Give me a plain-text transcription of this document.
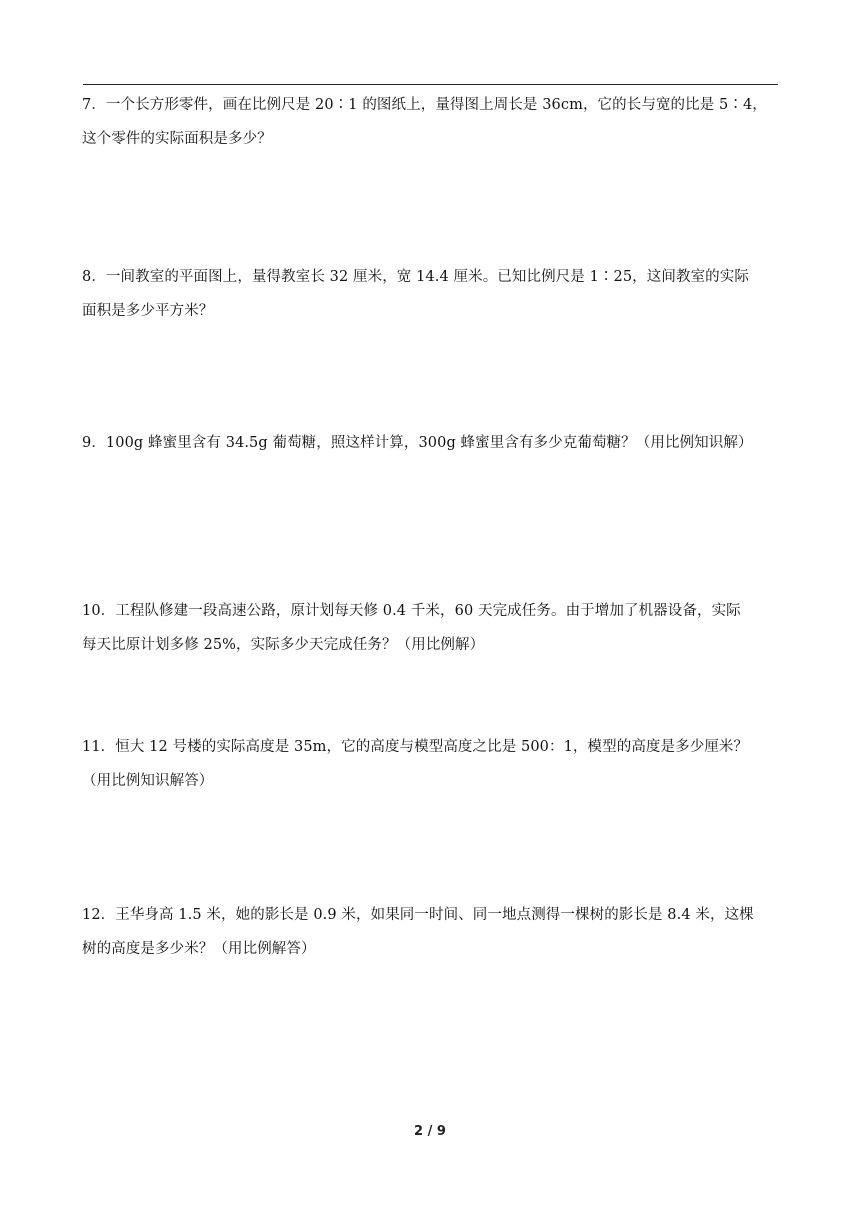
7．一个长方形零件，画在比例尺是 20∶1 的图纸上，量得图上周长是 36cm，它的长与宽的比是 5∶4，
这个零件的实际面积是多少？
8．一间教室的平面图上，量得教室长 32 厘米，宽 14.4 厘米。已知比例尺是 1∶25，这间教室的实际
面积是多少平方米？
9．100g 蜂蜜里含有 34.5g 葡萄糖，照这样计算，300g 蜂蜜里含有多少克葡萄糖？（用比例知识解）
10．工程队修建一段高速公路，原计划每天修 0.4 千米，60 天完成任务。由于增加了机器设备，实际
每天比原计划多修 25%，实际多少天完成任务？（用比例解）
11．恒大 12 号楼的实际高度是 35m，它的高度与模型高度之比是 500：1，模型的高度是多少厘米？
（用比例知识解答）
12．王华身高 1.5 米，她的影长是 0.9 米，如果同一时间、同一地点测得一棵树的影长是 8.4 米，这棵
树的高度是多少米？（用比例解答）
2 / 9
